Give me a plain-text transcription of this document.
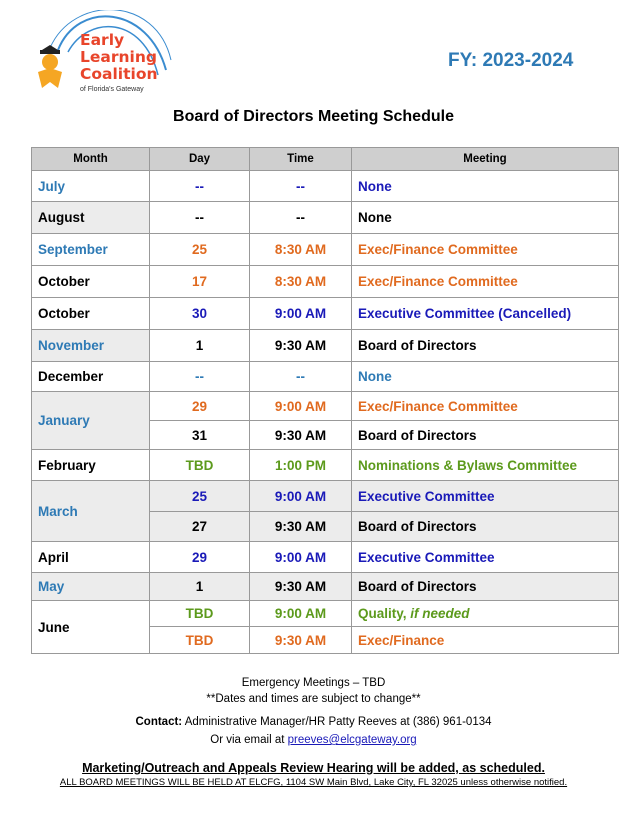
Early
Learning
Coalition
of Florida's Gateway
FY: 2023-2024
Board of Directors Meeting Schedule
Month	Day	Time	Meeting
July	--	--	None
August	--	--	None
September	25	8:30 AM	Exec/Finance Committee
October	17	8:30 AM	Exec/Finance Committee
October	30	9:00 AM	Executive Committee (Cancelled)
November	1	9:30 AM	Board of Directors
December	--	--	None
January	29	9:00 AM	Exec/Finance Committee
	31	9:30 AM	Board of Directors
February	TBD	1:00 PM	Nominations & Bylaws Committee
March	25	9:00 AM	Executive Committee
	27	9:30 AM	Board of Directors
April	29	9:00 AM	Executive Committee
May	1	9:30 AM	Board of Directors
June	TBD	9:00 AM	Quality, if needed
	TBD	9:30 AM	Exec/Finance
Emergency Meetings – TBD
**Dates and times are subject to change**
Contact: Administrative Manager/HR Patty Reeves at (386) 961-0134
Or via email at preeves@elcgateway.org
Marketing/Outreach and Appeals Review Hearing will be added, as scheduled.
ALL BOARD MEETINGS WILL BE HELD AT ELCFG, 1104 SW Main Blvd, Lake City, FL 32025 unless otherwise notified.
